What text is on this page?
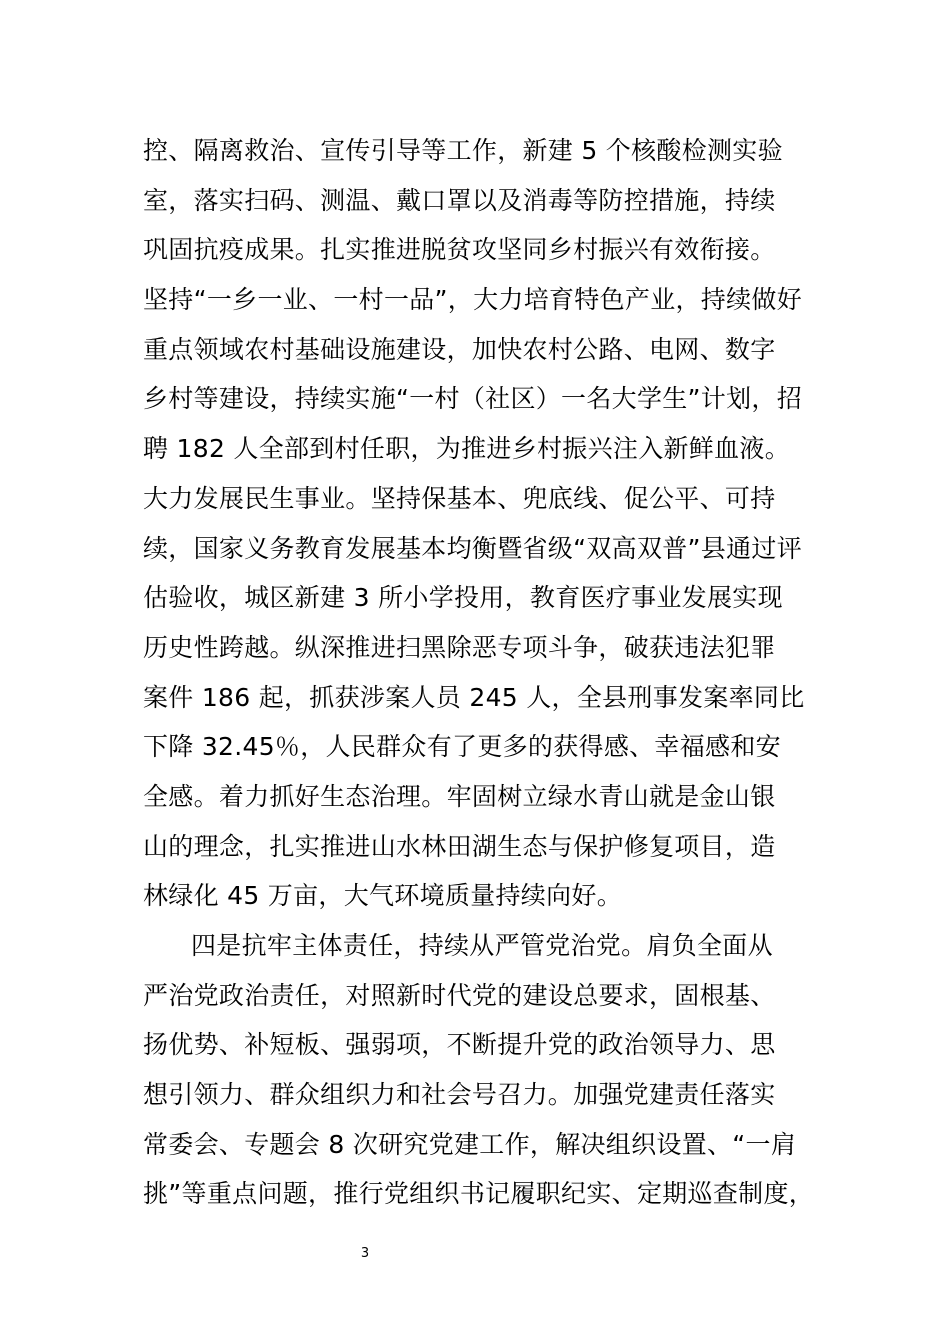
控、隔离救治、宣传引导等工作，新建 5 个核酸检测实验
室，落实扫码、测温、戴口罩以及消毒等防控措施，持续
巩固抗疫成果。扎实推进脱贫攻坚同乡村振兴有效衔接。
坚持“一乡一业、一村一品”，大力培育特色产业，持续做好
重点领域农村基础设施建设，加快农村公路、电网、数字
乡村等建设，持续实施“一村（社区）一名大学生”计划，招
聘 182 人全部到村任职，为推进乡村振兴注入新鲜血液。
大力发展民生事业。坚持保基本、兜底线、促公平、可持
续，国家义务教育发展基本均衡暨省级“双高双普”县通过评
估验收，城区新建 3 所小学投用，教育医疗事业发展实现
历史性跨越。纵深推进扫黑除恶专项斗争，破获违法犯罪
案件 186 起，抓获涉案人员 245 人，全县刑事发案率同比
下降 32.45％，人民群众有了更多的获得感、幸福感和安
全感。着力抓好生态治理。牢固树立绿水青山就是金山银
山的理念，扎实推进山水林田湖生态与保护修复项目，造
林绿化 45 万亩，大气环境质量持续向好。
四是抗牢主体责任，持续从严管党治党。肩负全面从
严治党政治责任，对照新时代党的建设总要求，固根基、
扬优势、补短板、强弱项，不断提升党的政治领导力、思
想引领力、群众组织力和社会号召力。加强党建责任落实
常委会、专题会 8 次研究党建工作，解决组织设置、“一肩
挑”等重点问题，推行党组织书记履职纪实、定期巡查制度，
3
